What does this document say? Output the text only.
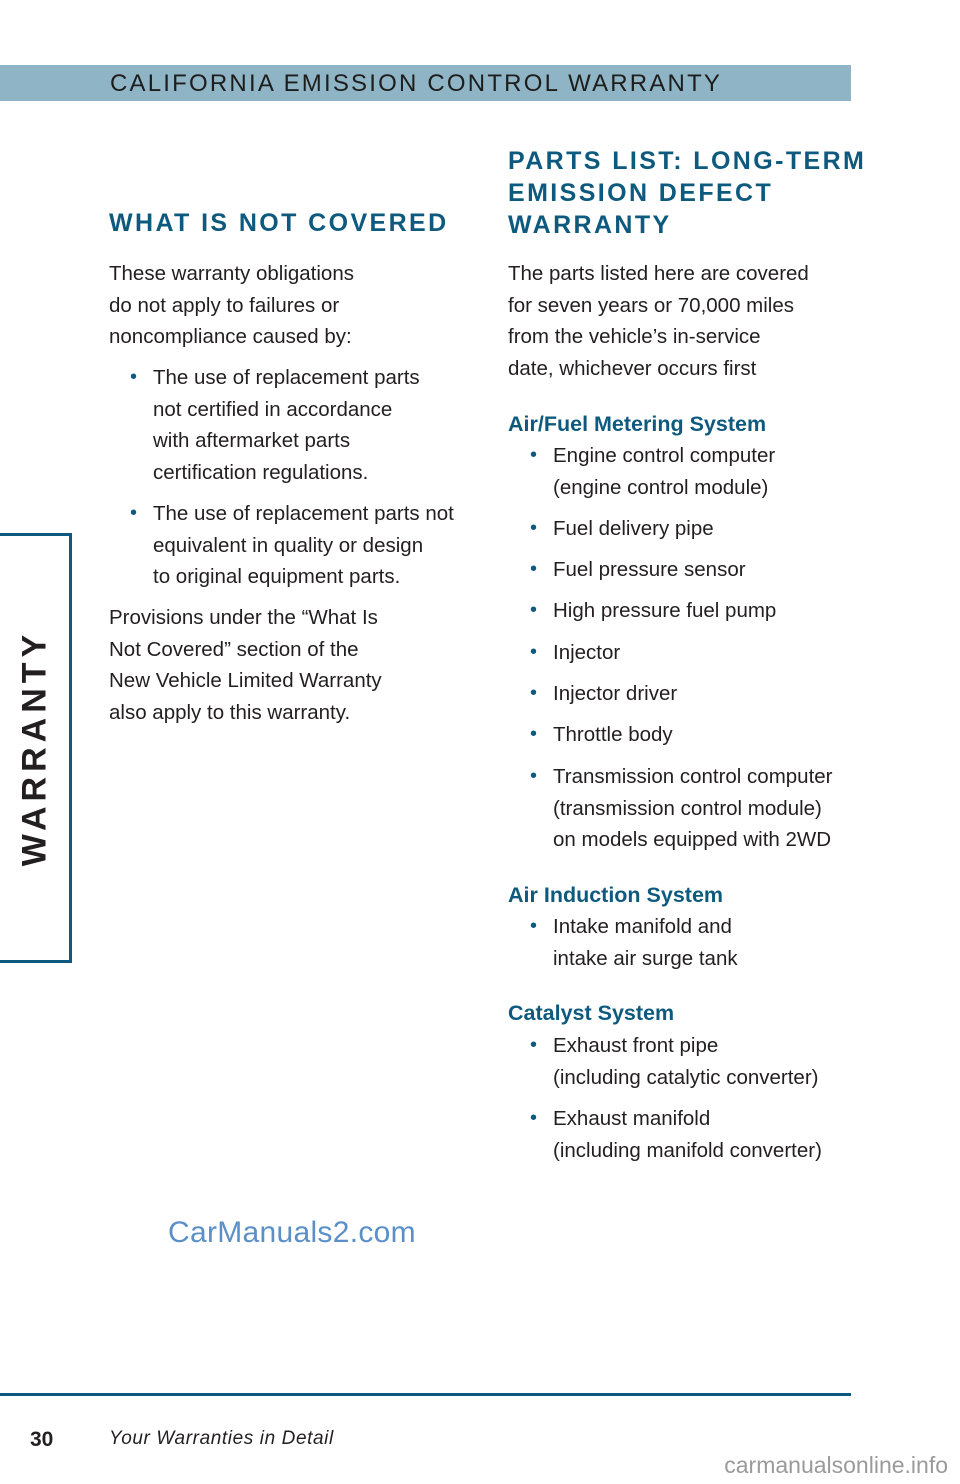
CALIFORNIA EMISSION CONTROL WARRANTY
WARRANTY
WHAT IS NOT COVERED

These warranty obligations
do not apply to failures or
noncompliance caused by:

• The use of replacement parts
not certified in accordance
with aftermarket parts
certification regulations.
• The use of replacement parts not
equivalent in quality or design
to original equipment parts.

Provisions under the “What Is
Not Covered” section of the
New Vehicle Limited Warranty
also apply to this warranty.

PARTS LIST: LONG-TERM
EMISSION DEFECT
WARRANTY

The parts listed here are covered
for seven years or 70,000 miles
from the vehicle’s in-service
date, whichever occurs first

Air/Fuel Metering System
• Engine control computer
(engine control module)
• Fuel delivery pipe
• Fuel pressure sensor
• High pressure fuel pump
• Injector
• Injector driver
• Throttle body
• Transmission control computer
(transmission control module)
on models equipped with 2WD
Air Induction System
• Intake manifold and
intake air surge tank
Catalyst System
• Exhaust front pipe
(including catalytic converter)
• Exhaust manifold
(including manifold converter)
CarManuals2.com
30	Your Warranties in Detail
carmanualsonline.info
